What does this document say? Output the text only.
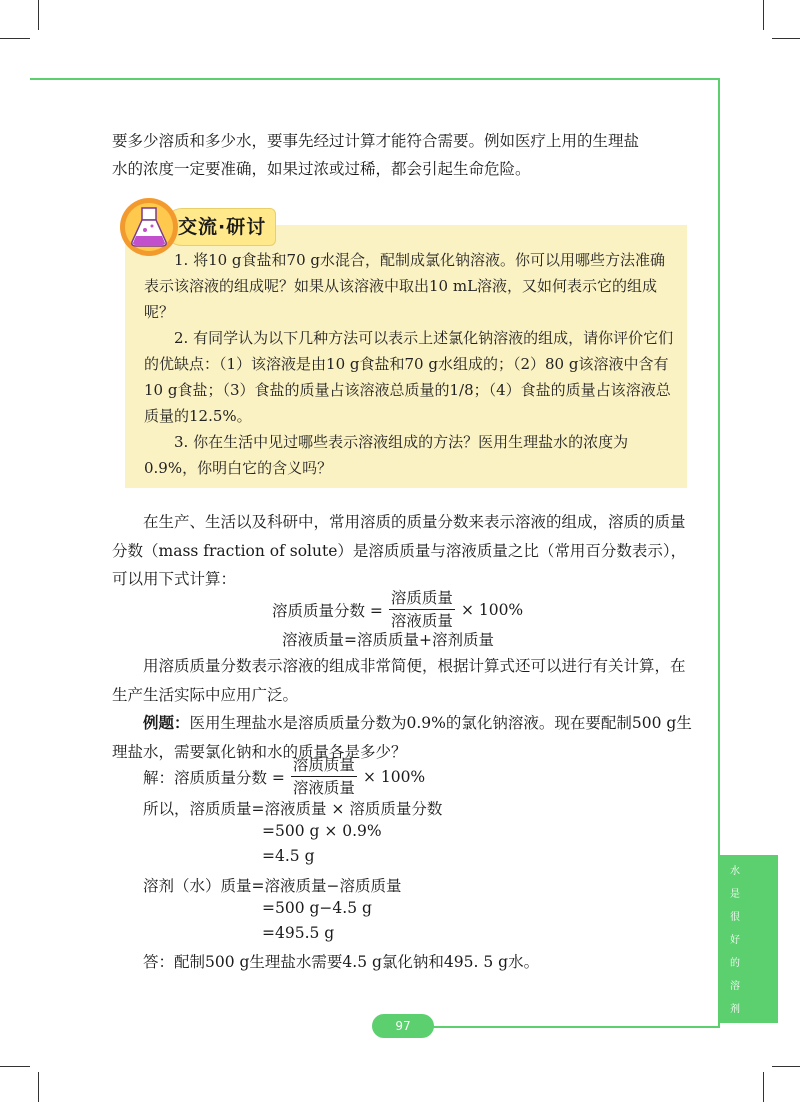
要多少溶质和多少水，要事先经过计算才能符合需要。例如医疗上用的生理盐

水的浓度一定要准确，如果过浓或过稀，都会引起生命危险。

交流·研讨

1. 将10 g食盐和70 g水混合，配制成氯化钠溶液。你可以用哪些方法准确表示该溶液的组成呢？如果从该溶液中取出10 mL溶液，又如何表示它的组成呢？

2. 有同学认为以下几种方法可以表示上述氯化钠溶液的组成，请你评价它们的优缺点：（1）该溶液是由10 g食盐和70 g水组成的；（2）80 g该溶液中含有10 g食盐；（3）食盐的质量占该溶液总质量的1/8；（4）食盐的质量占该溶液总质量的12.5%。

3. 你在生活中见过哪些表示溶液组成的方法？医用生理盐水的浓度为0.9%，你明白它的含义吗？

在生产、生活以及科研中，常用溶质的质量分数来表示溶液的组成，溶质的质量分数（mass fraction of solute）是溶质质量与溶液质量之比（常用百分数表示），可以用下式计算：

溶质质量分数 = $\frac{\text{溶质质量}}{\text{溶液质量}} \times 100\%$
溶液质量=溶质质量+溶剂质量

用溶质质量分数表示溶液的组成非常简便，根据计算式还可以进行有关计算，在生产生活实际中应用广泛。

例题：医用生理盐水是溶质质量分数为0.9%的氯化钠溶液。现在要配制500 g生理盐水，需要氯化钠和水的质量各是多少？

解：溶质质量分数 = $\frac{\text{溶质质量}}{\text{溶液质量}} \times 100\%$
所以，溶质质量=溶液质量 × 溶质质量分数
=500 g × 0.9%
=4.5 g
溶剂（水）质量=溶液质量−溶质质量
=500 g−4.5 g
=495.5 g
答：配制500 g生理盐水需要4.5 g氯化钠和495. 5 g水。
水
是
很
好
的
溶
剂
97
